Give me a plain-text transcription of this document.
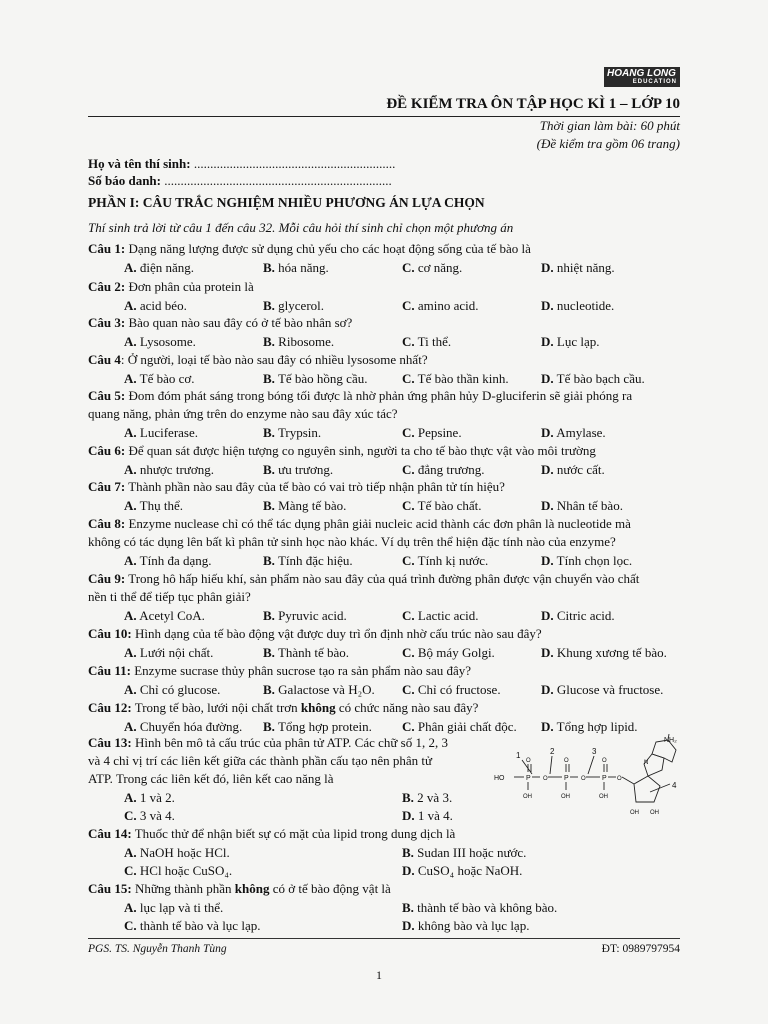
HOANG LONG
EDUCATION
ĐỀ KIỂM TRA ÔN TẬP HỌC KÌ 1 – LỚP 10
Thời gian làm bài: 60 phút
(Đề kiểm tra gồm 06 trang)
Họ và tên thí sinh: ..............................................................
Số báo danh: ......................................................................
PHẦN I: CÂU TRẮC NGHIỆM NHIỀU PHƯƠNG ÁN LỰA CHỌN
Thí sinh trả lời từ câu 1 đến câu 32. Mỗi câu hỏi thí sinh chỉ chọn một phương án
Câu 1: Dạng năng lượng được sử dụng chủ yếu cho các hoạt động sống của tế bào là
A. điện năng.	B. hóa năng.	C. cơ năng.	D. nhiệt năng.
Câu 2: Đơn phân của protein là
A. acid béo.	B. glycerol.	C. amino acid.	D. nucleotide.
Câu 3: Bào quan nào sau đây có ở tế bào nhân sơ?
A. Lysosome.	B. Ribosome.	C. Ti thể.	D. Lục lạp.
Câu 4: Ở người, loại tế bào nào sau đây có nhiều lysosome nhất?
A. Tế bào cơ.	B. Tế bào hồng cầu.	C. Tế bào thần kinh. D. Tế bào bạch cầu.
Câu 5: Đom đóm phát sáng trong bóng tối được là nhờ phản ứng phân hủy D-gluciferin sẽ giải phóng ra
quang năng, phản ứng trên do enzyme nào sau đây xúc tác?
A. Luciferase.	B. Trypsin.	C. Pepsine.	D. Amylase.
Câu 6: Để quan sát được hiện tượng co nguyên sinh, người ta cho tế bào thực vật vào môi trường
A. nhược trương.	B. ưu trương.	C. đẳng trương.	D. nước cất.
Câu 7: Thành phần nào sau đây của tế bào có vai trò tiếp nhận phân tử tín hiệu?
A. Thụ thể.	B. Màng tế bào.	C. Tế bào chất.	D. Nhân tế bào.
Câu 8: Enzyme nuclease chỉ có thể tác dụng phân giải nucleic acid thành các đơn phân là nucleotide mà
không có tác dụng lên bất kì phân tử sinh học nào khác. Ví dụ trên thể hiện đặc tính nào của enzyme?
A. Tính đa dạng.	B. Tính đặc hiệu.	C. Tính kị nước.	D. Tính chọn lọc.
Câu 9: Trong hô hấp hiếu khí, sản phẩm nào sau đây của quá trình đường phân được vận chuyển vào chất
nền ti thể để tiếp tục phân giải?
A. Acetyl CoA.	B. Pyruvic acid.	C. Lactic acid.	D. Citric acid.
Câu 10: Hình dạng của tế bào động vật được duy trì ổn định nhờ cấu trúc nào sau đây?
A. Lưới nội chất.	B. Thành tế bào.	C. Bộ máy Golgi.	D. Khung xương tế bào.
Câu 11: Enzyme sucrase thủy phân sucrose tạo ra sản phẩm nào sau đây?
A. Chỉ có glucose.	B. Galactose và H₂O. C. Chỉ có fructose.	D. Glucose và fructose.
Câu 12: Trong tế bào, lưới nội chất trơn không có chức năng nào sau đây?
A. Chuyển hóa đường. B. Tổng hợp protein. C. Phân giải chất độc. D. Tổng hợp lipid.
Câu 13: Hình bên mô tả cấu trúc của phân tử ATP. Các chữ số 1, 2, 3
và 4 chỉ vị trí các liên kết giữa các thành phần cấu tạo nên phân tử
ATP. Trong các liên kết đó, liên kết cao năng là
A. 1 và 2.	B. 2 và 3.
C. 3 và 4.	D. 1 và 4.
1	2	3
4
NH₂
HO	P	P	P
O	O	O
O	O	O
OH	OH	OH
OH OH
N
Câu 14: Thuốc thử để nhận biết sự có mặt của lipid trong dung dịch là
A. NaOH hoặc HCl.	B. Sudan III hoặc nước.
C. HCl hoặc CuSO₄.	D. CuSO₄ hoặc NaOH.
Câu 15: Những thành phần không có ở tế bào động vật là
A. lục lạp và ti thể.	B. thành tế bào và không bào.
C. thành tế bào và lục lạp.	D. không bào và lục lạp.
PGS. TS. Nguyễn Thanh Tùng	ĐT: 0989797954
1
